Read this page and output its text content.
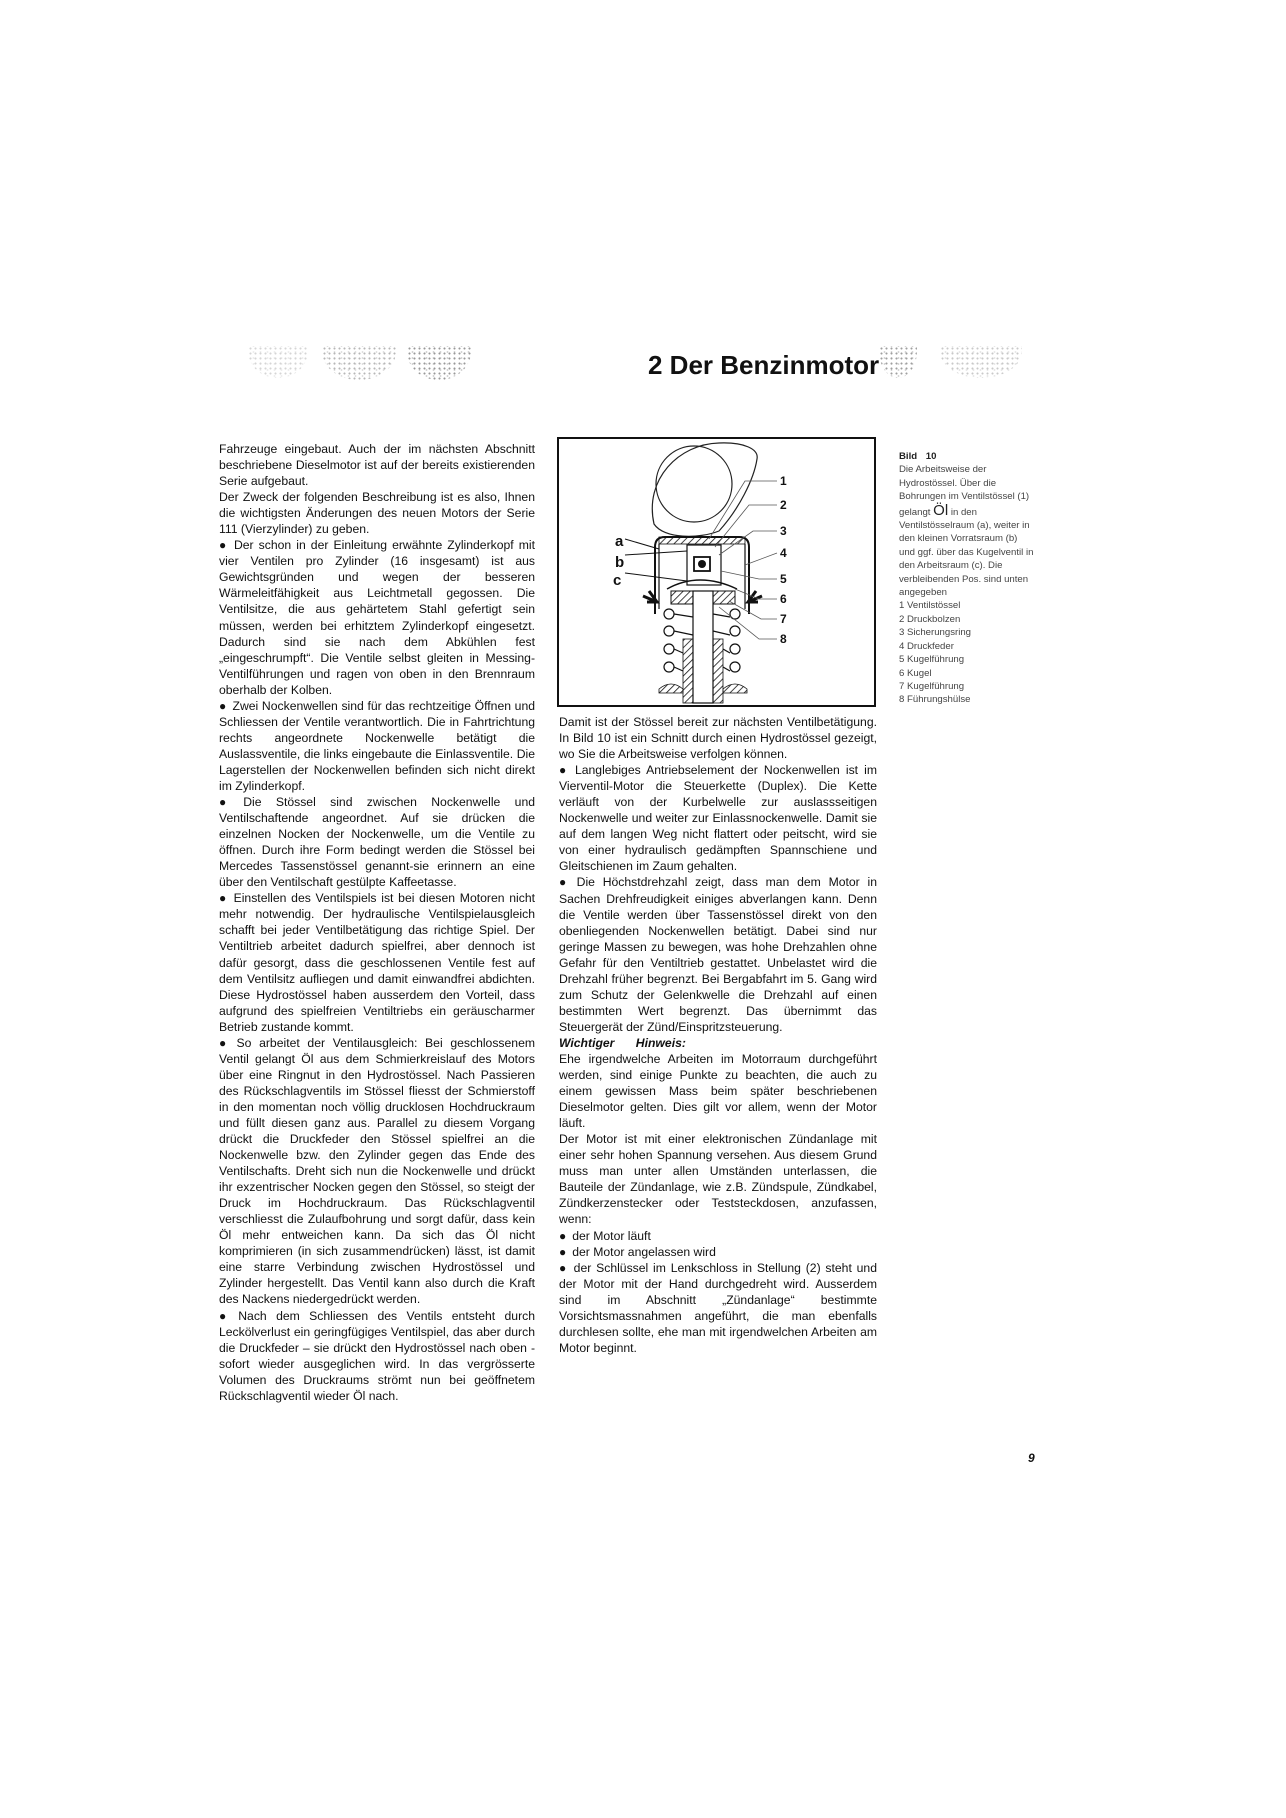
2 Der Benzinmotor

Fahrzeuge eingebaut. Auch der im nächsten Abschnitt beschriebene Dieselmotor ist auf der bereits existierenden Serie aufgebaut.

Der Zweck der folgenden Beschreibung ist es also, Ihnen die wichtigsten Änderungen des neuen Motors der Serie 111 (Vierzylinder) zu geben.

● Der schon in der Einleitung erwähnte Zylinderkopf mit vier Ventilen pro Zylinder (16 insgesamt) ist aus Gewichtsgründen und wegen der besseren Wärmeleitfähigkeit aus Leichtmetall gegossen. Die Ventilsitze, die aus gehärtetem Stahl gefertigt sein müssen, werden bei erhitztem Zylinderkopf eingesetzt. Dadurch sind sie nach dem Abkühlen fest „eingeschrumpft“. Die Ventile selbst gleiten in Messing-Ventilführungen und ragen von oben in den Brennraum oberhalb der Kolben.

● Zwei Nockenwellen sind für das rechtzeitige Öffnen und Schliessen der Ventile verantwortlich. Die in Fahrtrichtung rechts angeordnete Nockenwelle betätigt die Auslassventile, die links eingebaute die Einlassventile. Die Lagerstellen der Nockenwellen befinden sich nicht direkt im Zylinderkopf.

● Die Stössel sind zwischen Nockenwelle und Ventilschaftende angeordnet. Auf sie drücken die einzelnen Nocken der Nockenwelle, um die Ventile zu öffnen. Durch ihre Form bedingt werden die Stössel bei Mercedes Tassenstössel genannt-sie erinnern an eine über den Ventilschaft gestülpte Kaffeetasse.

● Einstellen des Ventilspiels ist bei diesen Motoren nicht mehr notwendig. Der hydraulische Ventilspielausgleich schafft bei jeder Ventilbetätigung das richtige Spiel. Der Ventiltrieb arbeitet dadurch spielfrei, aber dennoch ist dafür gesorgt, dass die geschlossenen Ventile fest auf dem Ventilsitz aufliegen und damit einwandfrei abdichten. Diese Hydrostössel haben ausserdem den Vorteil, dass aufgrund des spielfreien Ventiltriebs ein geräuscharmer Betrieb zustande kommt.

● So arbeitet der Ventilausgleich: Bei geschlossenem Ventil gelangt Öl aus dem Schmierkreislauf des Motors über eine Ringnut in den Hydrostössel. Nach Passieren des Rückschlagventils im Stössel fliesst der Schmierstoff in den momentan noch völlig drucklosen Hochdruckraum und füllt diesen ganz aus. Parallel zu diesem Vorgang drückt die Druckfeder den Stössel spielfrei an die Nockenwelle bzw. den Zylinder gegen das Ende des Ventilschafts. Dreht sich nun die Nockenwelle und drückt ihr exzentrischer Nocken gegen den Stössel, so steigt der Druck im Hochdruckraum. Das Rückschlagventil verschliesst die Zulaufbohrung und sorgt dafür, dass kein Öl mehr entweichen kann. Da sich das Öl nicht komprimieren (in sich zusammendrücken) lässt, ist damit eine starre Verbindung zwischen Hydrostössel und Zylinder hergestellt. Das Ventil kann also durch die Kraft des Nackens niedergedrückt werden.

● Nach dem Schliessen des Ventils entsteht durch Leckölverlust ein geringfügiges Ventilspiel, das aber durch die Druckfeder – sie drückt den Hydrostössel nach oben -sofort wieder ausgeglichen wird. In das vergrösserte Volumen des Druckraums strömt nun bei geöffnetem Rückschlagventil wieder Öl nach.

a
b
c
1
2
3
4
5
6
7
8

Damit ist der Stössel bereit zur nächsten Ventilbetätigung. In Bild 10 ist ein Schnitt durch einen Hydrostössel gezeigt, wo Sie die Arbeitsweise verfolgen können.

● Langlebiges Antriebselement der Nockenwellen ist im Vierventil-Motor die Steuerkette (Duplex). Die Kette verläuft von der Kurbelwelle zur auslassseitigen Nockenwelle und weiter zur Einlassnockenwelle. Damit sie auf dem langen Weg nicht flattert oder peitscht, wird sie von einer hydraulisch gedämpften Spannschiene und Gleitschienen im Zaum gehalten.

● Die Höchstdrehzahl zeigt, dass man dem Motor in Sachen Drehfreudigkeit einiges abverlangen kann. Denn die Ventile werden über Tassenstössel direkt von den obenliegenden Nockenwellen betätigt. Dabei sind nur geringe Massen zu bewegen, was hohe Drehzahlen ohne Gefahr für den Ventiltrieb gestattet. Unbelastet wird die Drehzahl früher begrenzt. Bei Bergabfahrt im 5. Gang wird zum Schutz der Gelenkwelle die Drehzahl auf einen bestimmten Wert begrenzt. Das übernimmt das Steuergerät der Zünd/Einspritzsteuerung.

Wichtiger Hinweis:

Ehe irgendwelche Arbeiten im Motorraum durchgeführt werden, sind einige Punkte zu beachten, die auch zu einem gewissen Mass beim später beschriebenen Dieselmotor gelten. Dies gilt vor allem, wenn der Motor läuft.

Der Motor ist mit einer elektronischen Zündanlage mit einer sehr hohen Spannung versehen. Aus diesem Grund muss man unter allen Umständen unterlassen, die Bauteile der Zündanlage, wie z.B. Zündspule, Zündkabel, Zündkerzenstecker oder Teststeckdosen, anzufassen, wenn:

● der Motor läuft

● der Motor angelassen wird

● der Schlüssel im Lenkschloss in Stellung (2) steht und der Motor mit der Hand durchgedreht wird. Ausserdem sind im Abschnitt „Zündanlage“ bestimmte Vorsichtsmassnahmen angeführt, die man ebenfalls durchlesen sollte, ehe man mit irgendwelchen Arbeiten am Motor beginnt.

Bild 10
Die Arbeitsweise der Hydrostössel. Über die Bohrungen im Ventilstössel (1) gelangt Öl in den Ventilstösselraum (a), weiter in den kleinen Vorratsraum (b) und ggf. über das Kugelventil in den Arbeitsraum (c). Die verbleibenden Pos. sind unten angegeben
1 Ventilstössel
2 Druckbolzen
3 Sicherungsring
4 Druckfeder
5 Kugelführung
6 Kugel
7 Kugelführung
8 Führungshülse
9
